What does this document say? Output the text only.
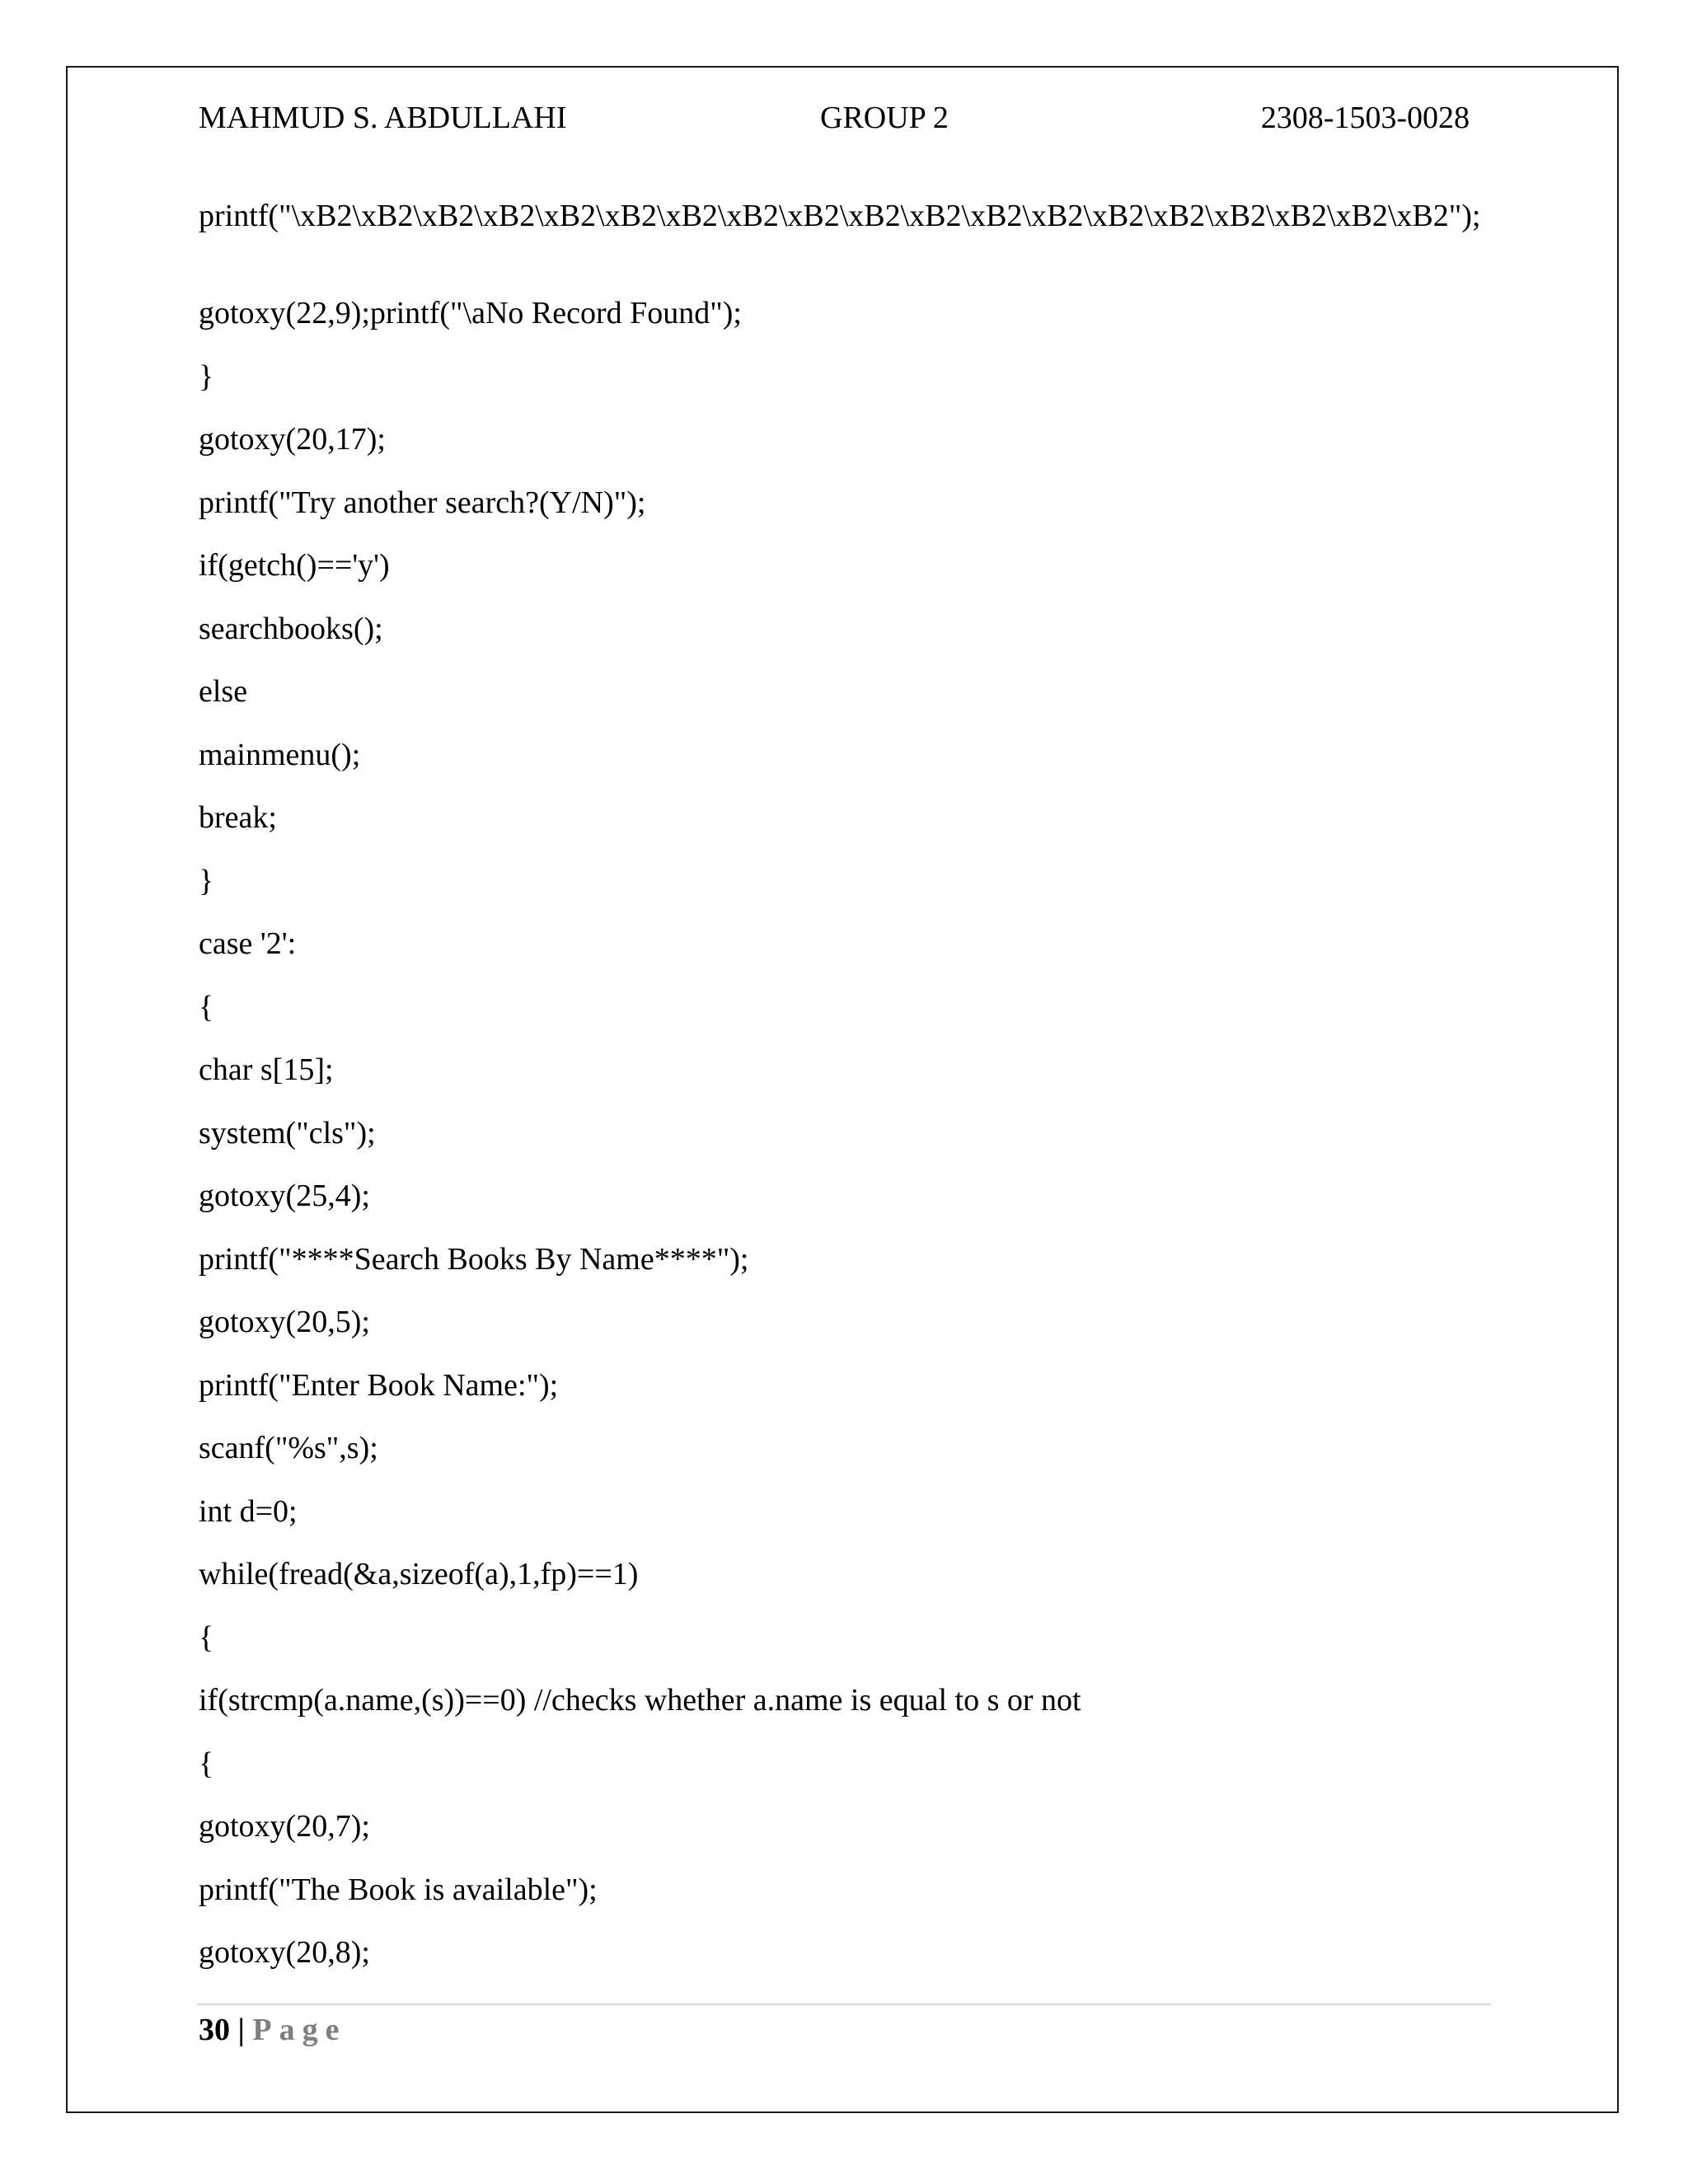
MAHMUD S. ABDULLAHI	GROUP 2	2308-1503-0028
printf("\xB2\xB2\xB2\xB2\xB2\xB2\xB2\xB2\xB2\xB2\xB2\xB2\xB2\xB2\xB2\xB2\xB2\xB2\xB2");
gotoxy(22,9);printf("\aNo Record Found");
}
gotoxy(20,17);
printf("Try another search?(Y/N)");
if(getch()=='y')
searchbooks();
else
mainmenu();
break;
}
case '2':
{
char s[15];
system("cls");
gotoxy(25,4);
printf("****Search Books By Name****");
gotoxy(20,5);
printf("Enter Book Name:");
scanf("%s",s);
int d=0;
while(fread(&a,sizeof(a),1,fp)==1)
{
if(strcmp(a.name,(s))==0) //checks whether a.name is equal to s or not
{
gotoxy(20,7);
printf("The Book is available");
gotoxy(20,8);
30 | Page
